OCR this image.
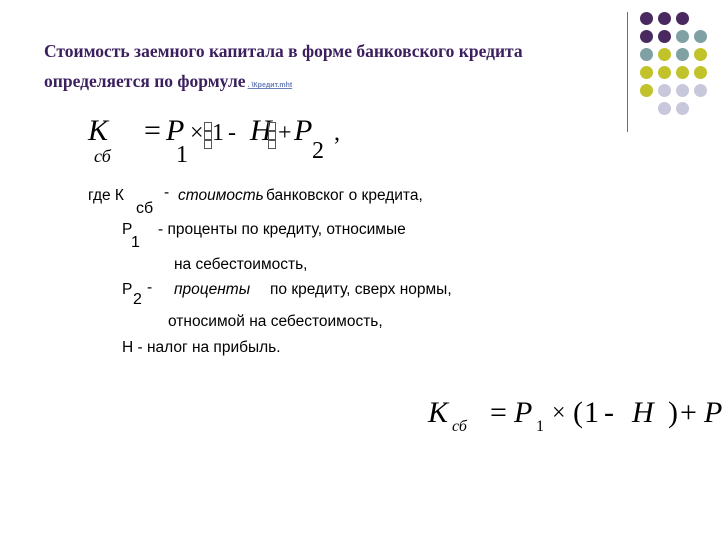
Стоимость заемного капитала в форме банковского кредита определяется по формуле . \Кредит.mht
K
сб
= P
1
× 1 - H + P
2
,
где К
сб
- стоимость банковског о кредита,
Р
1
- проценты по кредиту, относимые
на себестоимость,
Р
2
- проценты по кредиту, сверх нормы,
относимой на себестоимость,
Н - налог на прибыль.
K сб = P 1
× ( 1 - H ) + P
